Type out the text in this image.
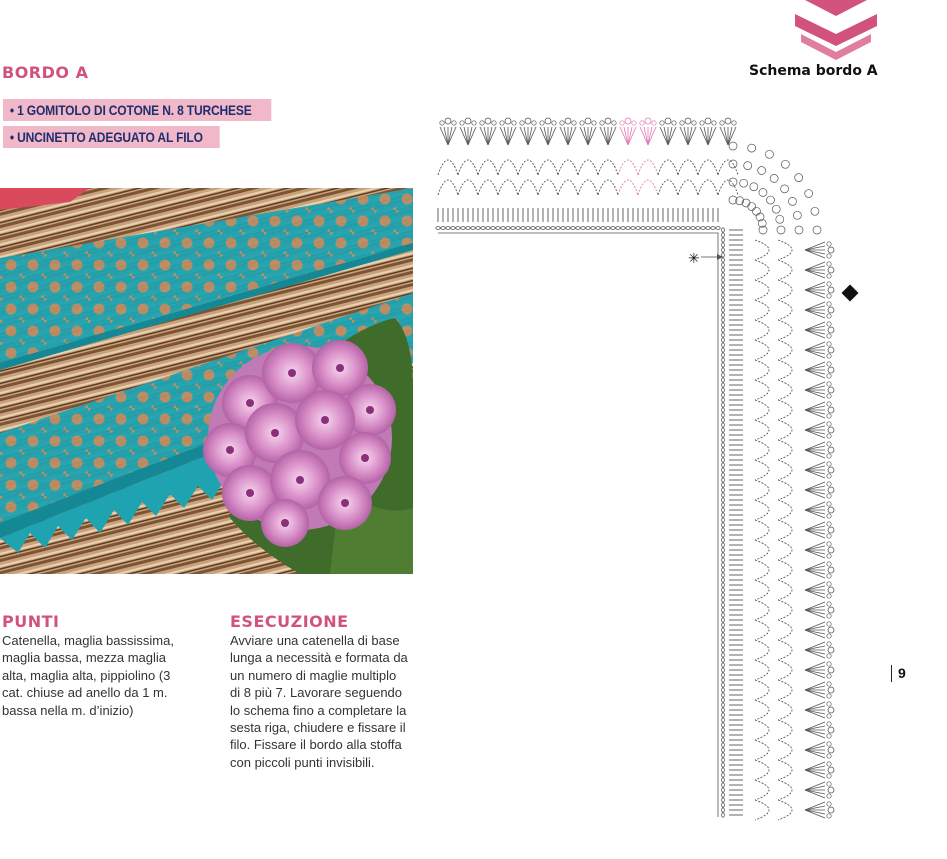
Schema bordo A
BORDO A
• 1 GOMITOLO DI COTONE N. 8 TURCHESE
• UNCINETTO ADEGUATO AL FILO
PUNTI
Catenella, maglia bassissima,
maglia bassa, mezza maglia
alta, maglia alta, pippiolino (3
cat. chiuse ad anello da 1 m.
bassa nella m. d’inizio)
ESECUZIONE
Avviare una catenella di base
lunga a necessità e formata da
un numero di maglie multiplo
di 8 più 7. Lavorare seguendo
lo schema fino a completare la
sesta riga, chiudere e fissare il
filo. Fissare il bordo alla stoffa
con piccoli punti invisibili.
✳
9
